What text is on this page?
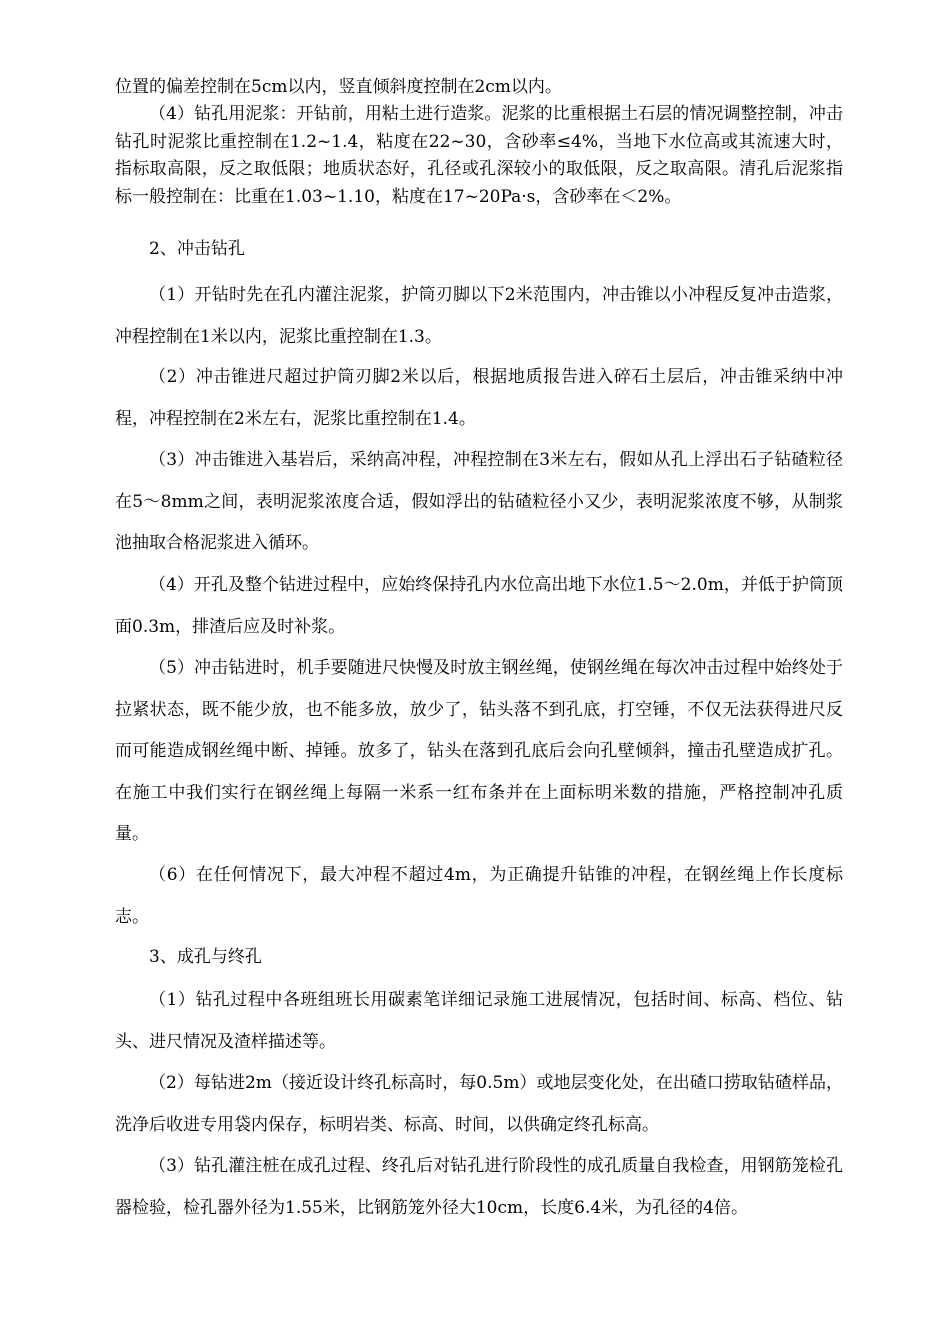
位置的偏差控制在5cm以内，竖直倾斜度控制在2cm以内。

（4）钻孔用泥浆：开钻前，用粘土进行造浆。泥浆的比重根据土石层的情况调整控制，冲击钻孔时泥浆比重控制在1.2~1.4，粘度在22~30，含砂率≤4%，当地下水位高或其流速大时，指标取高限，反之取低限；地质状态好，孔径或孔深较小的取低限，反之取高限。清孔后泥浆指标一般控制在：比重在1.03~1.10，粘度在17~20Pa·s，含砂率在＜2%。

2、冲击钻孔

（1）开钻时先在孔内灌注泥浆，护筒刃脚以下2米范围内，冲击锥以小冲程反复冲击造浆，冲程控制在1米以内，泥浆比重控制在1.3。

（2）冲击锥进尺超过护筒刃脚2米以后，根据地质报告进入碎石土层后，冲击锥采纳中冲程，冲程控制在2米左右，泥浆比重控制在1.4。

（3）冲击锥进入基岩后，采纳高冲程，冲程控制在3米左右，假如从孔上浮出石子钻碴粒径在5～8mm之间，表明泥浆浓度合适，假如浮出的钻碴粒径小又少，表明泥浆浓度不够，从制浆池抽取合格泥浆进入循环。

（4）开孔及整个钻进过程中，应始终保持孔内水位高出地下水位1.5～2.0m，并低于护筒顶面0.3m，排渣后应及时补浆。

（5）冲击钻进时，机手要随进尺快慢及时放主钢丝绳，使钢丝绳在每次冲击过程中始终处于拉紧状态，既不能少放，也不能多放，放少了，钻头落不到孔底，打空锤，不仅无法获得进尺反而可能造成钢丝绳中断、掉锤。放多了，钻头在落到孔底后会向孔壁倾斜，撞击孔壁造成扩孔。在施工中我们实行在钢丝绳上每隔一米系一红布条并在上面标明米数的措施，严格控制冲孔质量。

（6）在任何情况下，最大冲程不超过4m，为正确提升钻锥的冲程，在钢丝绳上作长度标志。

3、成孔与终孔

（1）钻孔过程中各班组班长用碳素笔详细记录施工进展情况，包括时间、标高、档位、钻头、进尺情况及渣样描述等。

（2）每钻进2m（接近设计终孔标高时，每0.5m）或地层变化处，在出碴口捞取钻碴样品，洗净后收进专用袋内保存，标明岩类、标高、时间，以供确定终孔标高。

（3）钻孔灌注桩在成孔过程、终孔后对钻孔进行阶段性的成孔质量自我检查，用钢筋笼检孔器检验，检孔器外径为1.55米，比钢筋笼外径大10cm，长度6.4米，为孔径的4倍。
